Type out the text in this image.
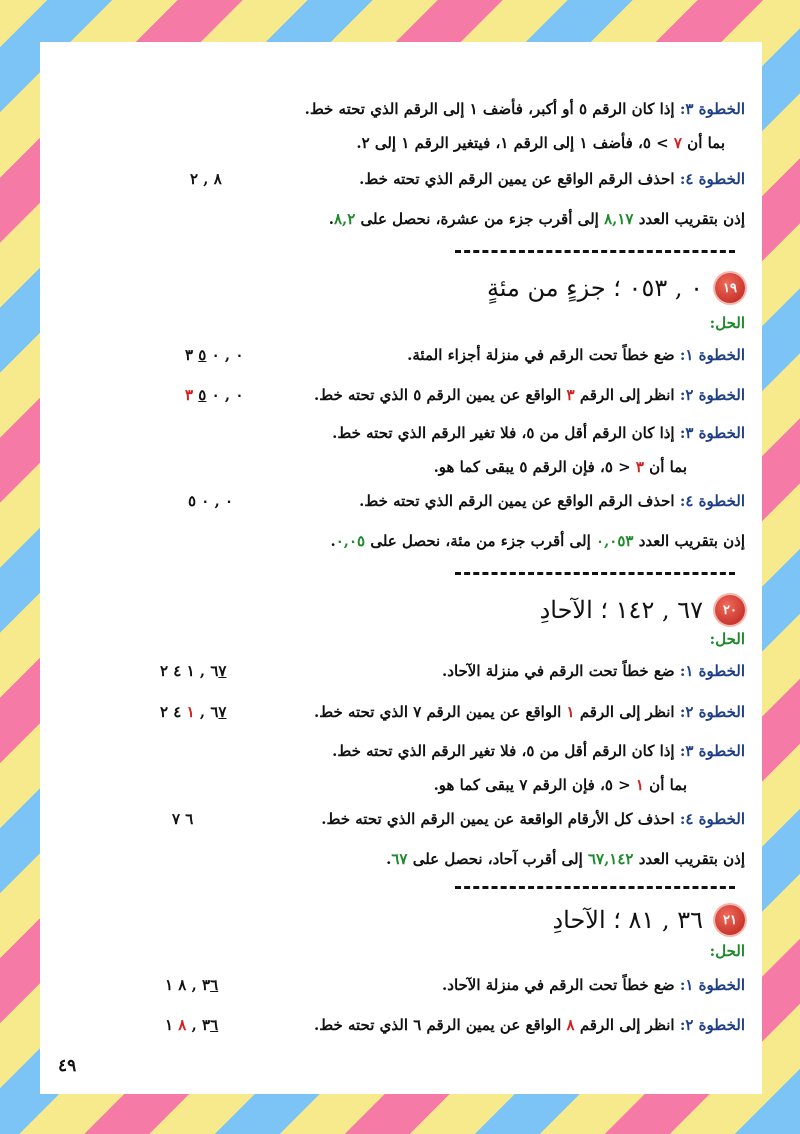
الخطوة ٣: إذا كان الرقم ٥ أو أكبر، فأضف ١ إلى الرقم الذي تحته خط.
بما أن ٧ > ٥، فأضف ١ إلى الرقم ١، فيتغير الرقم ١ إلى ٢.
الخطوة ٤: احذف الرقم الواقع عن يمين الرقم الذي تحته خط.
٨ , ٢
إذن بتقريب العدد ٨,١٧ إلى أقرب جزء من عشرة، نحصل على ٨,٢.
١٩
٠ , ٠٥٣ ؛ جزءٍ من مئةٍ
الحل:
الخطوة ١: ضع خطاً تحت الرقم في منزلة أجزاء المئة.
٠ , ٠ ٥ ٣
الخطوة ٢: انظر إلى الرقم ٣ الواقع عن يمين الرقم ٥ الذي تحته خط.
٠ , ٠ ٥ ٣
الخطوة ٣: إذا كان الرقم أقل من ٥، فلا تغير الرقم الذي تحته خط.
بما أن ٣ < ٥، فإن الرقم ٥ يبقى كما هو.
الخطوة ٤: احذف الرقم الواقع عن يمين الرقم الذي تحته خط.
٠ , ٠ ٥
إذن بتقريب العدد ٠,٠٥٣ إلى أقرب جزء من مئة، نحصل على ٠,٠٥.
٢٠
٦٧ , ١٤٢ ؛ الآحادِ
الحل:
الخطوة ١: ضع خطاً تحت الرقم في منزلة الآحاد.
٦٧ , ١ ٤ ٢
الخطوة ٢: انظر إلى الرقم ١ الواقع عن يمين الرقم ٧ الذي تحته خط.
٦٧ , ١ ٤ ٢
الخطوة ٣: إذا كان الرقم أقل من ٥، فلا تغير الرقم الذي تحته خط.
بما أن ١ < ٥، فإن الرقم ٧ يبقى كما هو.
الخطوة ٤: احذف كل الأرقام الواقعة عن يمين الرقم الذي تحته خط.
٦ ٧
إذن بتقريب العدد ٦٧,١٤٢ إلى أقرب آحاد، نحصل على ٦٧.
٢١
٣٦ , ٨١ ؛ الآحادِ
الحل:
الخطوة ١: ضع خطاً تحت الرقم في منزلة الآحاد.
٣٦ , ٨ ١
الخطوة ٢: انظر إلى الرقم ٨ الواقع عن يمين الرقم ٦ الذي تحته خط.
٣٦ , ٨ ١
٤٩
